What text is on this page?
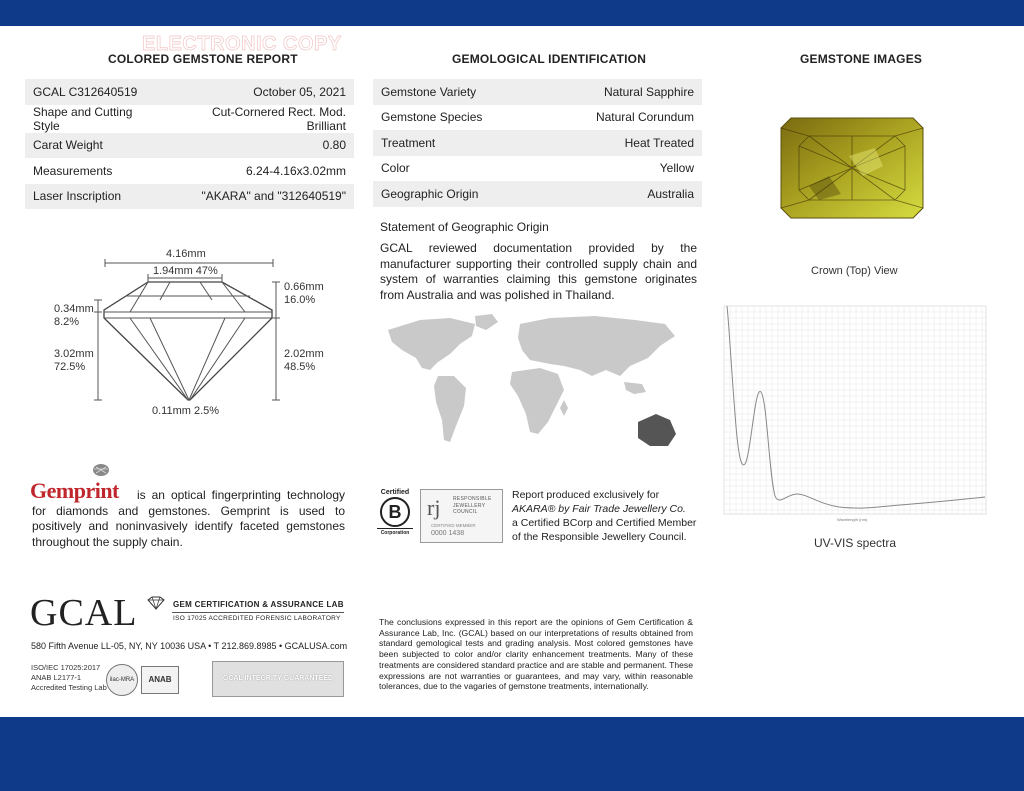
ELECTRONIC COPY
COLORED GEMSTONE REPORT	GEMOLOGICAL IDENTIFICATION	GEMSTONE IMAGES
GCAL C312640519	October 05, 2021
Shape and Cutting Style	Cut-Cornered Rect. Mod. Brilliant
Carat Weight	0.80
Measurements	6.24-4.16x3.02mm
Laser Inscription	"AKARA" and "312640519"
Gemstone Variety	Natural Sapphire
Gemstone Species	Natural Corundum
Treatment	Heat Treated
Color	Yellow
Geographic Origin	Australia
4.16mm
1.94mm 47%
0.34mm
8.2%
3.02mm
72.5%
0.66mm
16.0%
2.02mm
48.5%
0.11mm 2.5%
Gemprint	is an optical fingerprinting technology for diamonds and gemstones. Gemprint is used to positively and noninvasively identify faceted gemstones throughout the supply chain.
GCAL	GEM CERTIFICATION & ASSURANCE LAB
ISO 17025 ACCREDITED FORENSIC LABORATORY
580 Fifth Avenue LL-05, NY, NY 10036 USA • T 212.869.8985 • GCALUSA.com
ISO/IEC 17025:2017
ANAB L2177-1
Accredited Testing Lab
ilac-MRA	ANAB	GCAL INTEGRITY GUARANTEED
Statement of Geographic Origin
GCAL reviewed documentation provided by the manufacturer supporting their controlled supply chain and system of warranties claiming this gemstone originates from Australia and was polished in Thailand.
Certified
B
Corporation
rj	RESPONSIBLE
JEWELLERY
COUNCIL
CERTIFIED MEMBER
0000 1438
Report produced exclusively for
AKARA® by Fair Trade Jewellery Co.
a Certified BCorp and Certified Member
of the Responsible Jewellery Council.
The conclusions expressed in this report are the opinions of Gem Certification & Assurance Lab, Inc. (GCAL) based on our interpretations of results obtained from standard gemological tests and grading analysis. Most colored gemstones have been subjected to color and/or clarity enhancement treatments. Many of these treatments are considered standard practice and are stable and permanent. These expressions are not warranties or guarantees, and may vary, within reasonable tolerances, due to the vagaries of gemstone treatments, internationally.
Crown (Top) View
Wavelength (nm)
UV-VIS spectra
